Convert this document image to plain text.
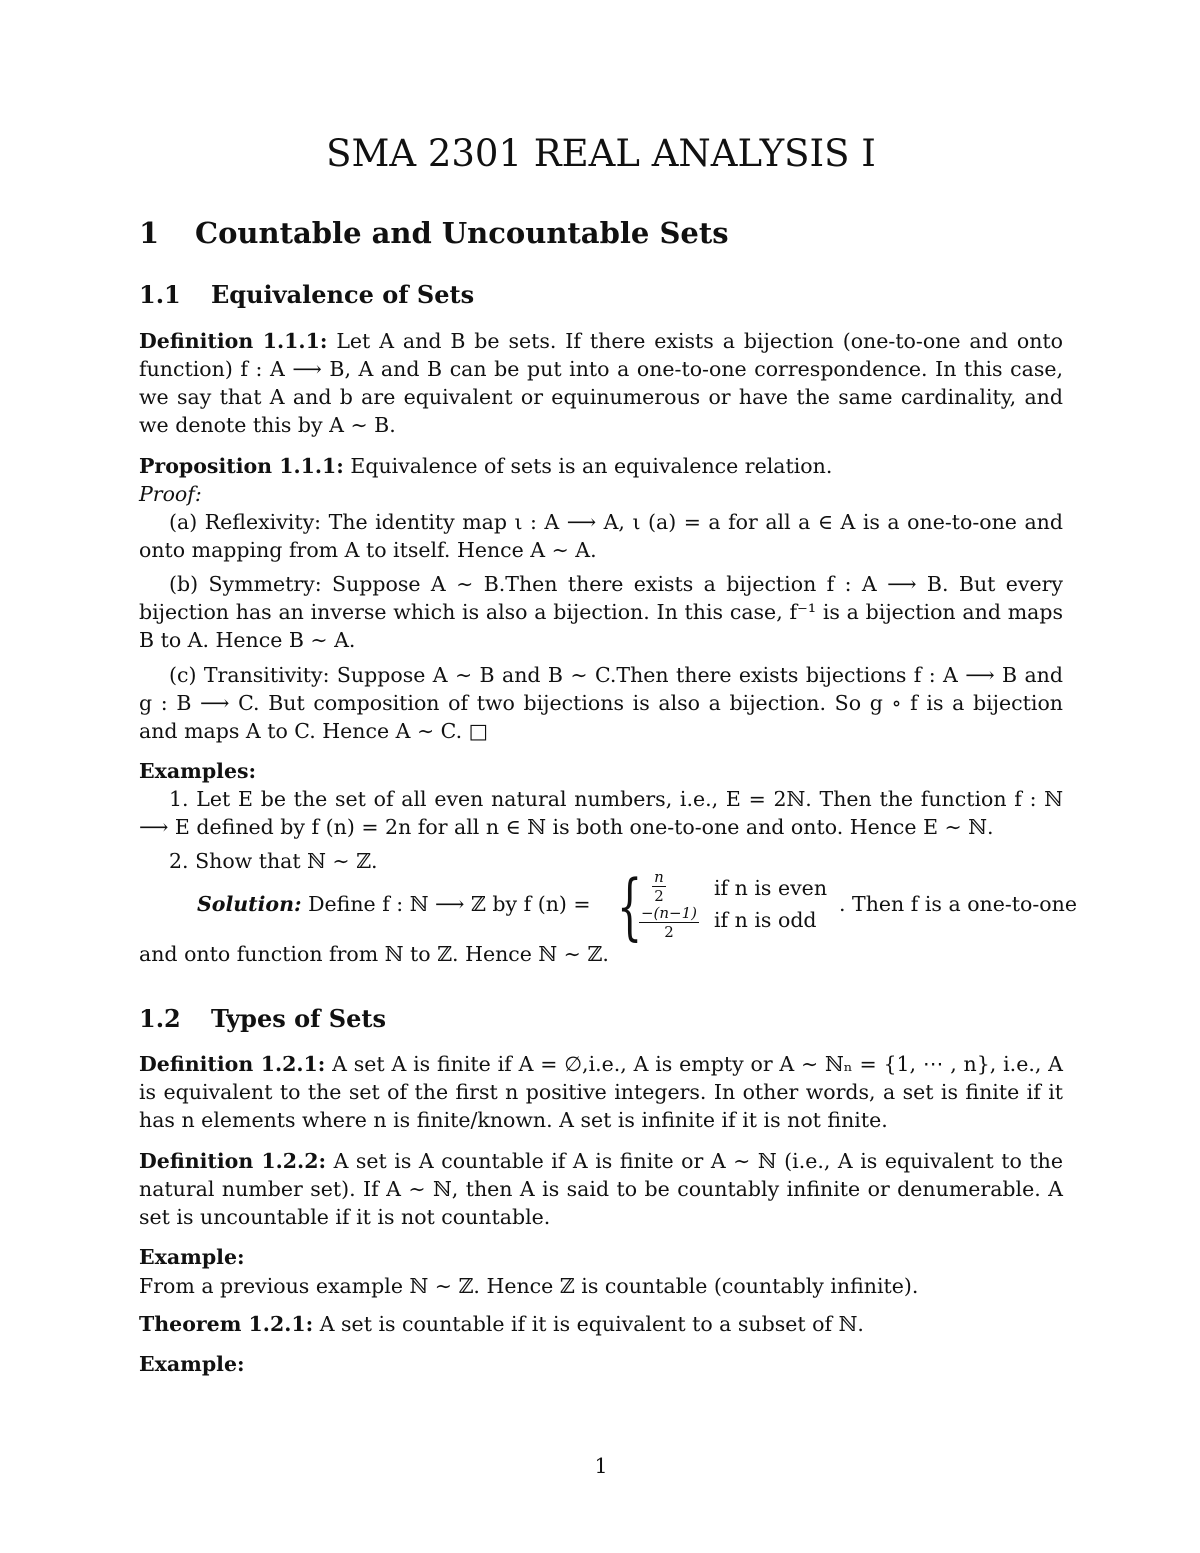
SMA 2301 REAL ANALYSIS I
1 Countable and Uncountable Sets
1.1 Equivalence of Sets
Definition 1.1.1: Let A and B be sets. If there exists a bijection (one-to-one and onto function) f : A ⟶ B, A and B can be put into a one-to-one correspondence. In this case, we say that A and b are equivalent or equinumerous or have the same cardinality, and we denote this by A ∼ B.
Proposition 1.1.1: Equivalence of sets is an equivalence relation.
Proof:
(a) Reflexivity: The identity map ι : A ⟶ A, ι (a) = a for all a ∈ A is a one-to-one and onto mapping from A to itself. Hence A ∼ A.
(b) Symmetry: Suppose A ∼ B.Then there exists a bijection f : A ⟶ B. But every bijection has an inverse which is also a bijection. In this case, f⁻¹ is a bijection and maps B to A. Hence B ∼ A.
(c) Transitivity: Suppose A ∼ B and B ∼ C.Then there exists bijections f : A ⟶ B and g : B ⟶ C. But composition of two bijections is also a bijection. So g ∘ f is a bijection and maps A to C. Hence A ∼ C. □
Examples:
1. Let E be the set of all even natural numbers, i.e., E = 2ℕ. Then the function f : ℕ ⟶ E defined by f (n) = 2n for all n ∈ ℕ is both one-to-one and onto. Hence E ∼ ℕ.
2. Show that ℕ ∼ ℤ.
Solution: Define f : ℕ ⟶ ℤ by f (n) = {
$\frac{n}{2}$
$\frac{-(n-1)}{2}$
if n is even
if n is odd
. Then f is a one-to-one
and onto function from ℕ to ℤ. Hence ℕ ∼ ℤ.
1.2 Types of Sets
Definition 1.2.1: A set A is finite if A = ∅,i.e., A is empty or A ∼ ℕₙ = {1, ⋯ , n}, i.e., A is equivalent to the set of the first n positive integers. In other words, a set is finite if it has n elements where n is finite/known. A set is infinite if it is not finite.
Definition 1.2.2: A set is A countable if A is finite or A ∼ ℕ (i.e., A is equivalent to the natural number set). If A ∼ ℕ, then A is said to be countably infinite or denumerable. A set is uncountable if it is not countable.
Example:
From a previous example ℕ ∼ ℤ. Hence ℤ is countable (countably infinite).
Theorem 1.2.1: A set is countable if it is equivalent to a subset of ℕ.
Example:
1
